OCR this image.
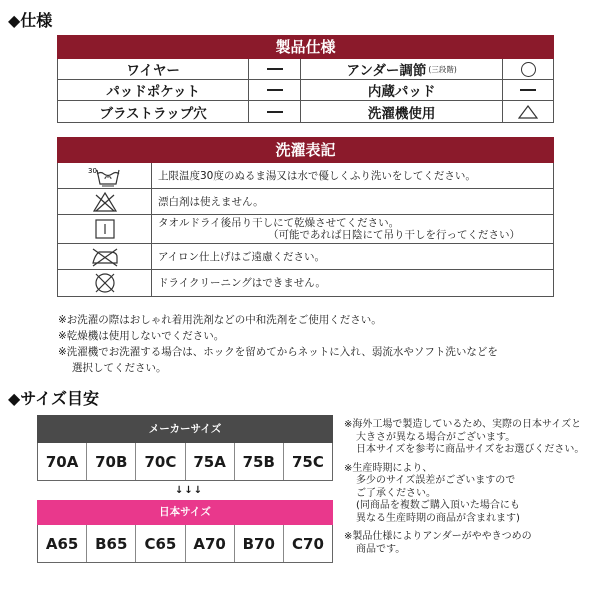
◆仕様
製品仕様
ワイヤー	アンダー調節 (三段階)
パッドポケット	内蔵パッド
ブラストラップ穴	洗濯機使用
洗濯表記
30	上限温度30度のぬるま湯又は水で優しくふり洗いをしてください。
漂白剤は使えません。
タオルドライ後吊り干しにて乾燥させてください。
（可能であれば日陰にて吊り干しを行ってください）
アイロン仕上げはご遠慮ください。
ドライクリーニングはできません。
※お洗濯の際はおしゃれ着用洗剤などの中和洗剤をご使用ください。
※乾燥機は使用しないでください。
※洗濯機でお洗濯する場合は、ホックを留めてからネットに入れ、弱流水やソフト洗いなどを
選択してください。
◆サイズ目安
メーカーサイズ
70A	70B	70C	75A	75B	75C
↓↓↓
日本サイズ
A65	B65	C65	A70	B70	C70
※海外工場で製造しているため、実際の日本サイズと
大きさが異なる場合がございます。
日本サイズを参考に商品サイズをお選びください。
※生産時期により、
多少のサイズ誤差がございますので
ご了承ください。
(同商品を複数ご購入頂いた場合にも
異なる生産時期の商品が含まれます)
※製品仕様によりアンダーがややきつめの
商品です。
